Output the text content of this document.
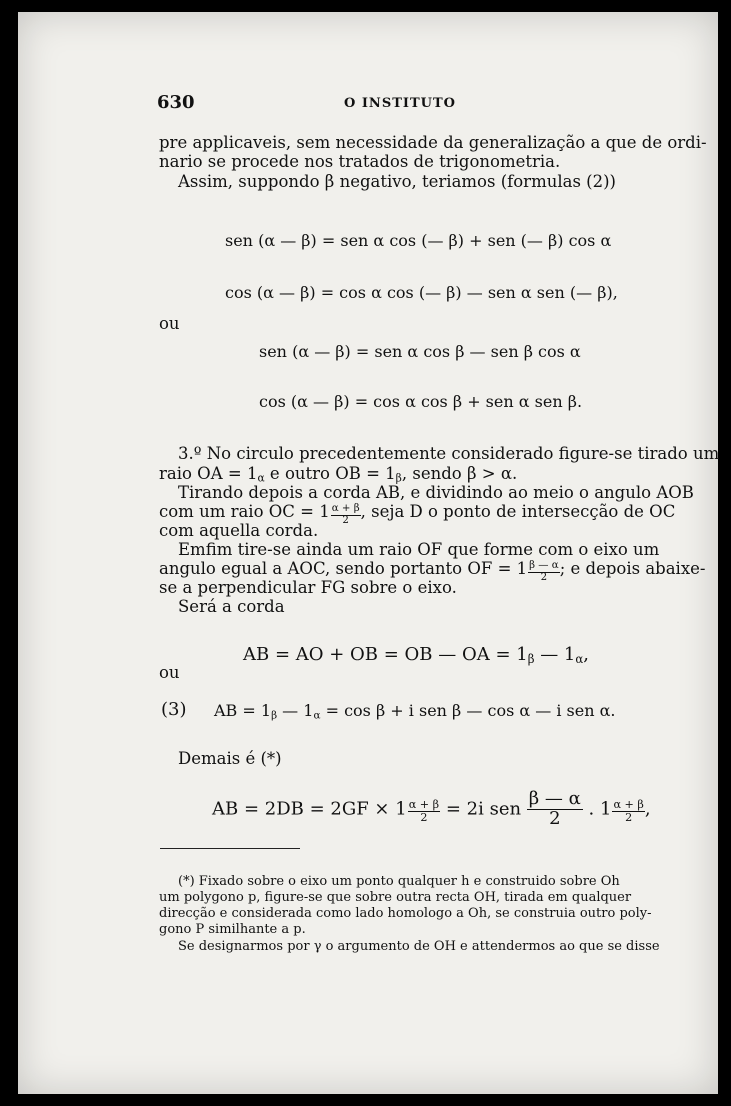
630	O INSTITUTO
pre applicaveis, sem necessidade da generalização a que de ordi-
nario se procede nos tratados de trigonometria.
Assim, suppondo β negativo, teriamos (formulas (2))
sen (α — β) = sen α cos (— β) + sen (— β) cos α
cos (α — β) = cos α cos (— β) — sen α sen (— β),
ou
sen (α — β) = sen α cos β — sen β cos α
cos (α — β) = cos α cos β + sen α sen β.
3.º No circulo precedentemente considerado figure-se tirado um
raio OA = $1_\alpha$ e outro OB = $1_\beta$, sendo β > α.
Tirando depois a corda AB, e dividindo ao meio o angulo AOB
com um raio OC = $1 \frac{\alpha + \beta}{2}$ , seja D o ponto de intersecção de OC
com aquella corda.
Emfim tire-se ainda um raio OF que forme com o eixo um
angulo egual a AOC, sendo portanto OF = $1 \frac{\beta — \alpha}{2}$ ; e depois abaixe-
se a perpendicular FG sobre o eixo.
Será a corda
AB = AO + OB = OB — OA = $1_\beta$ — $1_\alpha$,
ou
(3) AB = $1_\beta$ — $1_\alpha = \cos \beta + i$ sen β — cos α — i sen α.
Demais é (*)
AB = $2DB = 2GF \times 1 \frac{\alpha + \beta}{2} = 2i$ sen $\frac{\beta — \alpha}{2}$ . $1 \frac{\alpha + \beta}{2}$ ,
(*) Fixado sobre o eixo um ponto qualquer h e construido sobre Oh
um polygono p, figure-se que sobre outra recta OH, tirada em qualquer
direcção e considerada como lado homologo a Oh, se construia outro poly-
gono P similhante a p.
Se designarmos por γ o argumento de OH e attendermos ao que se disse
